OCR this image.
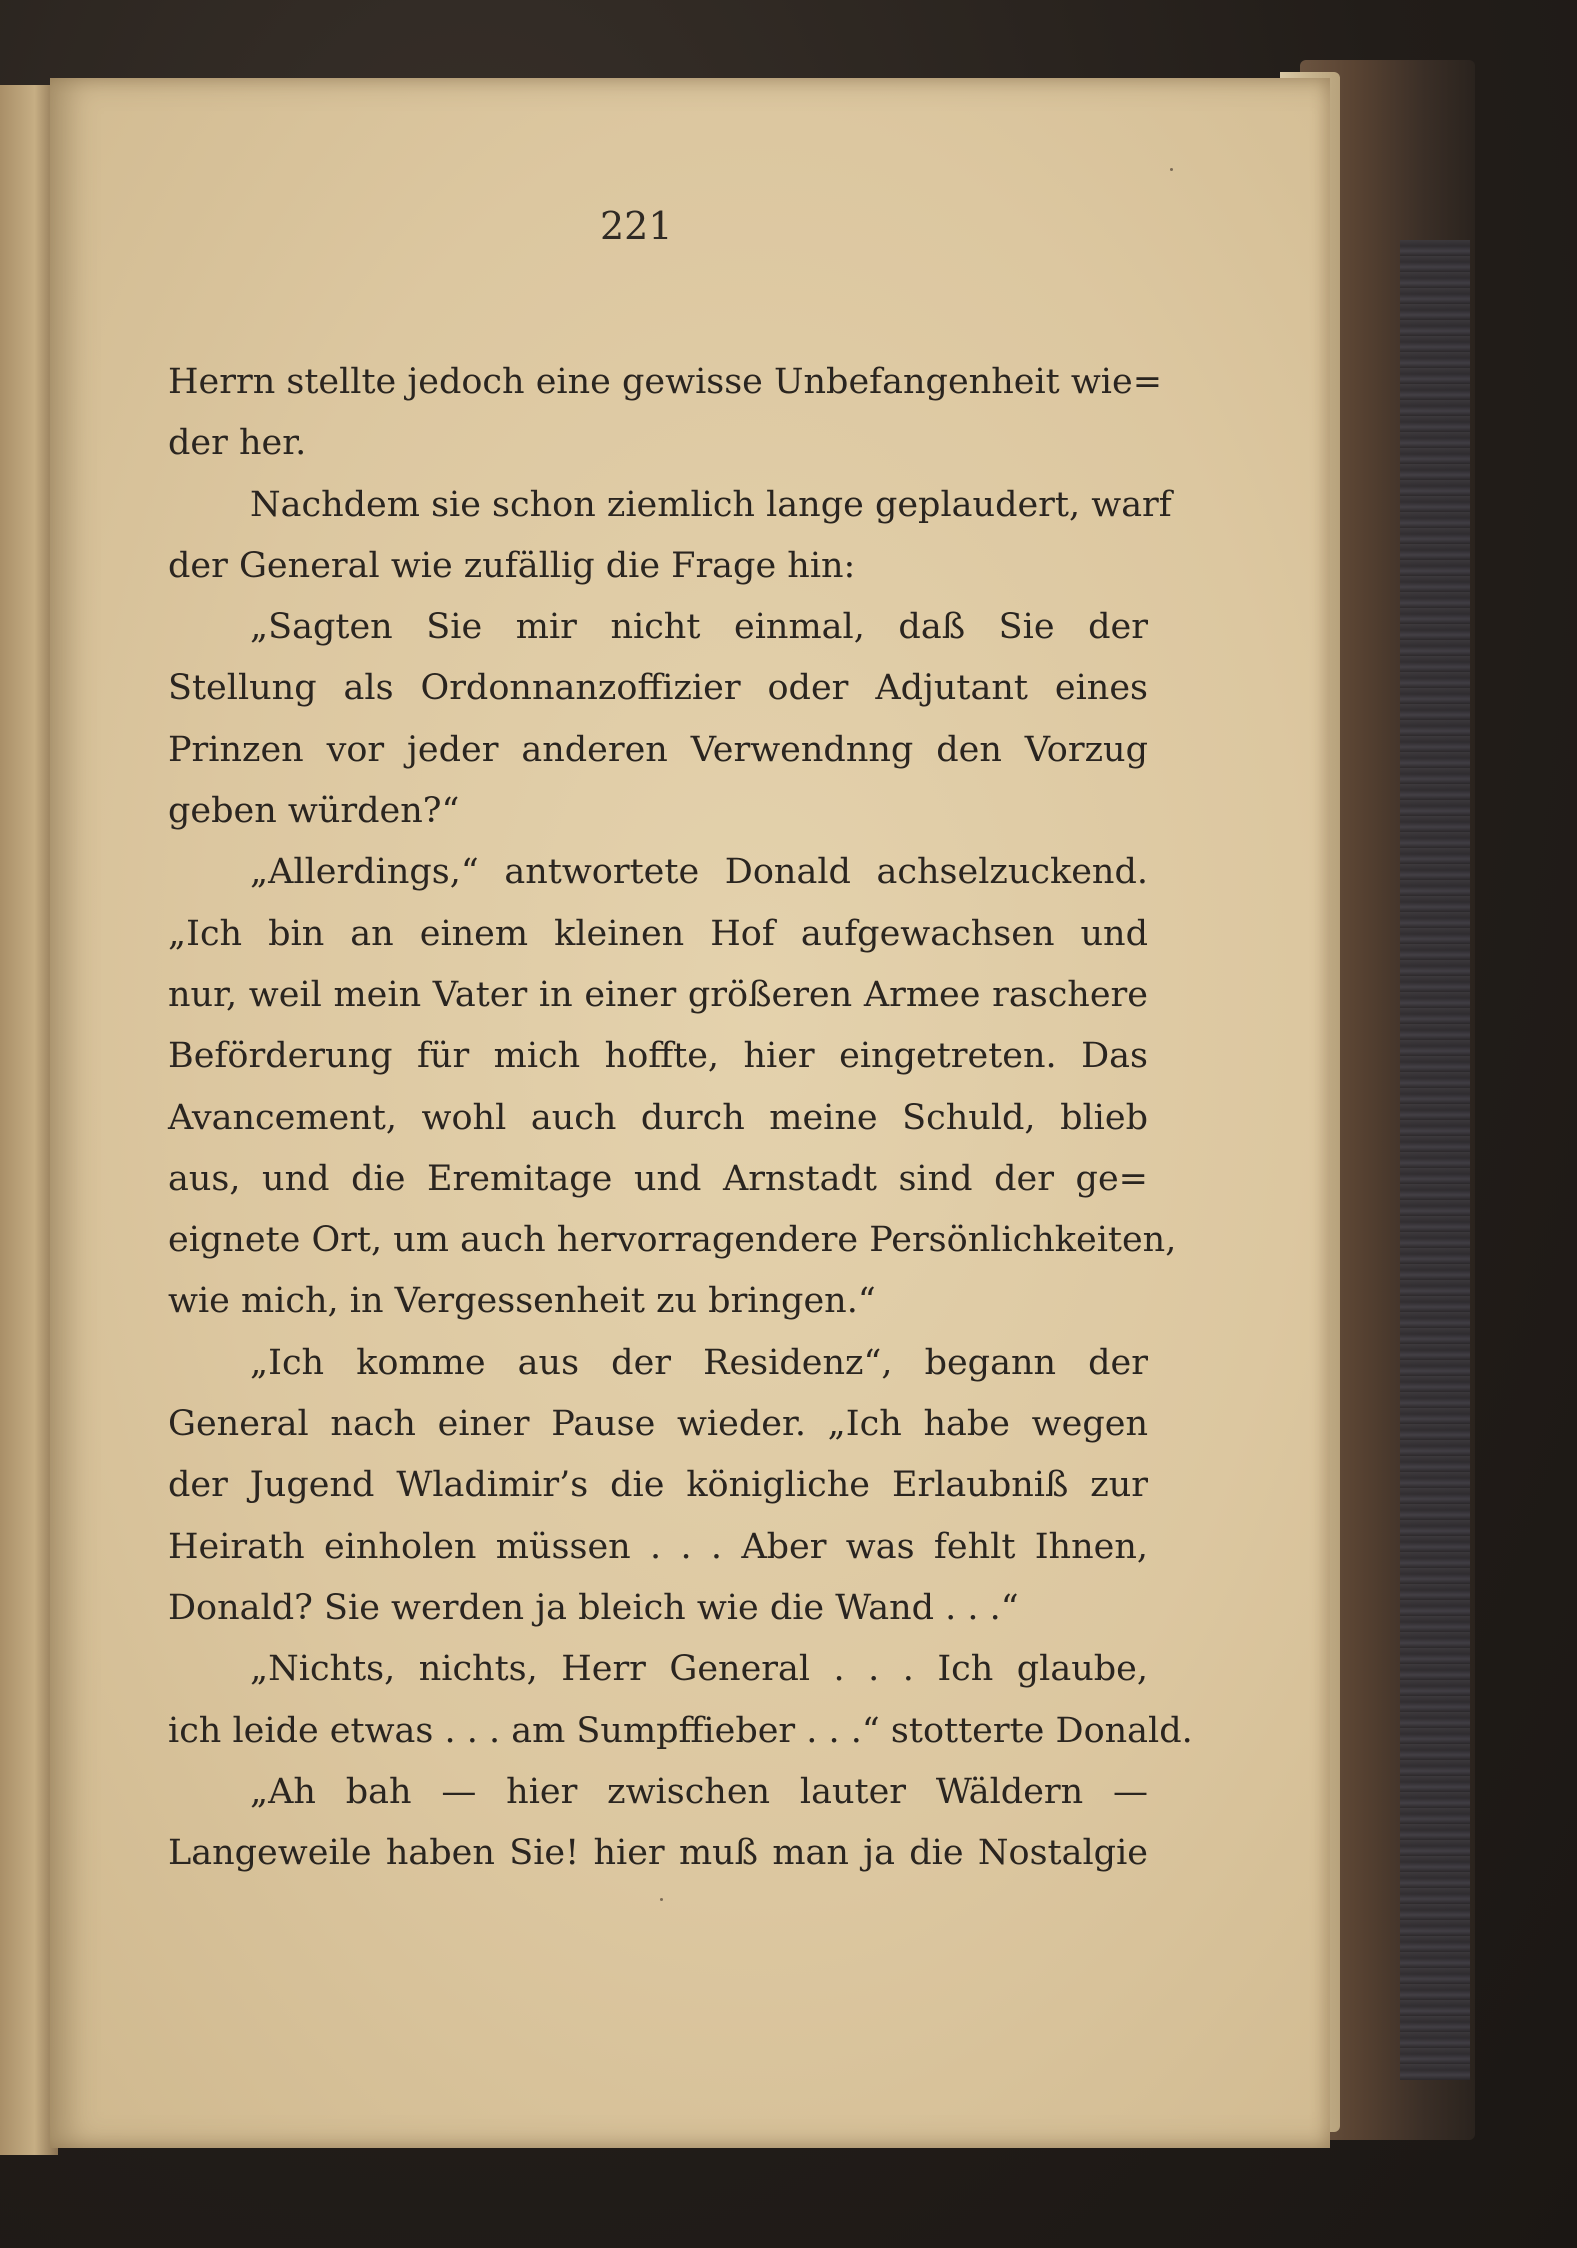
221
Herrn stellte jedoch eine gewisse Unbefangenheit wie=
der her.
Nachdem sie schon ziemlich lange geplaudert, warf
der General wie zufällig die Frage hin:
„Sagten Sie mir nicht einmal, daß Sie der
Stellung als Ordonnanzoffizier oder Adjutant eines
Prinzen vor jeder anderen Verwendnng den Vorzug
geben würden?“
„Allerdings,“ antwortete Donald achselzuckend.
„Ich bin an einem kleinen Hof aufgewachsen und
nur, weil mein Vater in einer größeren Armee raschere
Beförderung für mich hoffte, hier eingetreten. Das
Avancement, wohl auch durch meine Schuld, blieb
aus, und die Eremitage und Arnstadt sind der ge=
eignete Ort, um auch hervorragendere Persönlichkeiten,
wie mich, in Vergessenheit zu bringen.“
„Ich komme aus der Residenz“, begann der
General nach einer Pause wieder. „Ich habe wegen
der Jugend Wladimir’s die königliche Erlaubniß zur
Heirath einholen müssen . . . Aber was fehlt Ihnen,
Donald? Sie werden ja bleich wie die Wand . . .“
„Nichts, nichts, Herr General . . . Ich glaube,
ich leide etwas . . . am Sumpffieber . . .“ stotterte Donald.
„Ah bah — hier zwischen lauter Wäldern —
Langeweile haben Sie! hier muß man ja die Nostalgie
